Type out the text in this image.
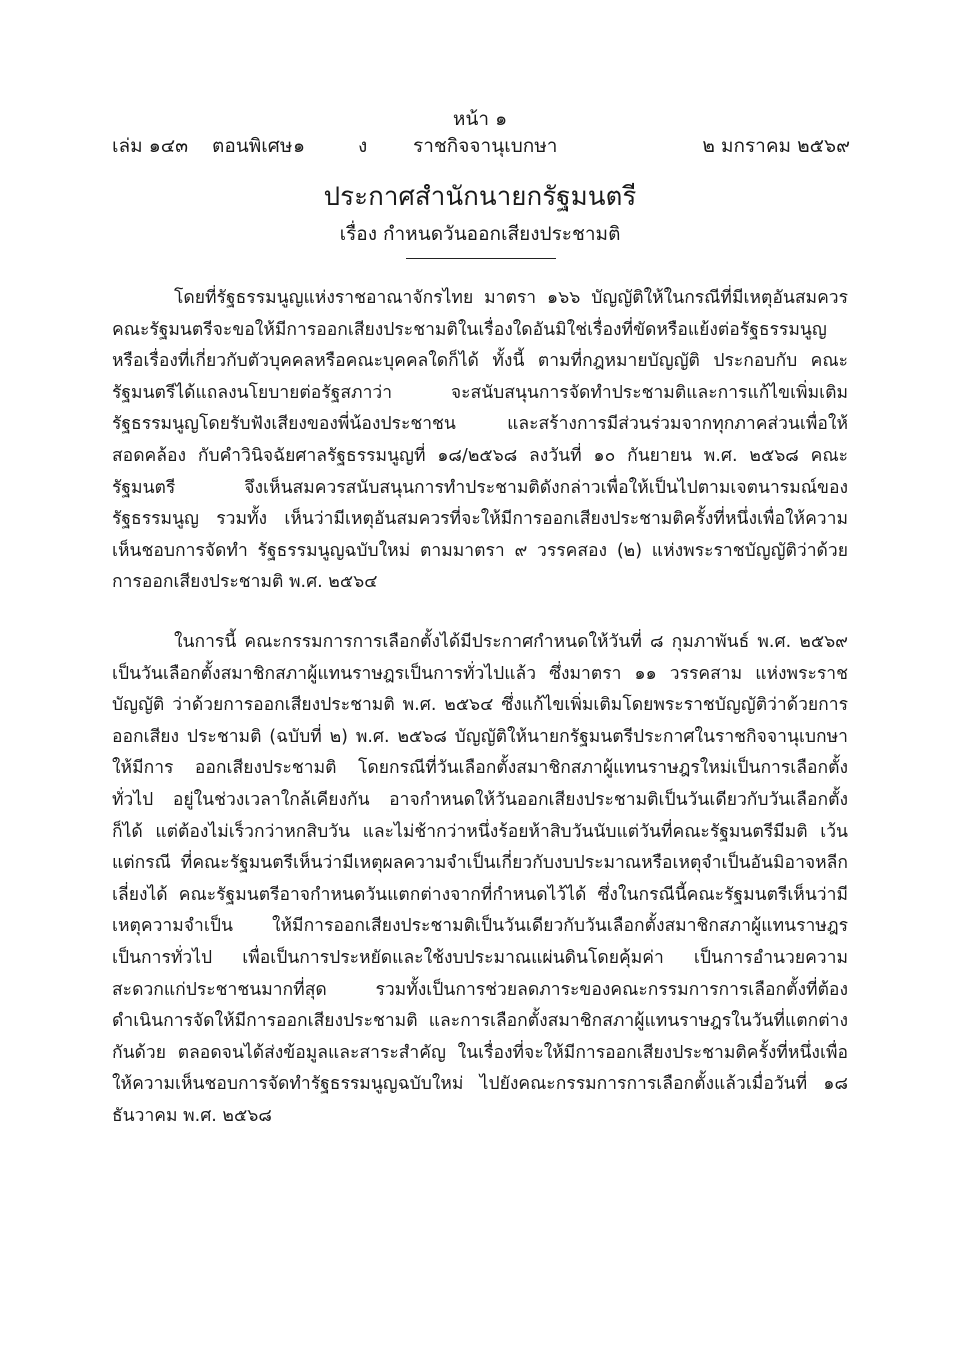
หน้า ๑
เล่ม ๑๔๓ ตอนพิเศษ ๑	ง ราชกิจจานุเบกษา	๒ มกราคม ๒๕๖๙
ประกาศสำนักนายกรัฐมนตรี
เรื่อง กำหนดวันออกเสียงประชามติ

โดยที่รัฐธรรมนูญแห่งราชอาณาจักรไทย มาตรา ๑๖๖ บัญญัติให้ในกรณีที่มีเหตุอันสมควร คณะรัฐมนตรีจะขอให้มีการออกเสียงประชามติในเรื่องใดอันมิใช่เรื่องที่ขัดหรือแย้งต่อรัฐธรรมนูญ หรือเรื่องที่เกี่ยวกับตัวบุคคลหรือคณะบุคคลใดก็ได้ ทั้งนี้ ตามที่กฎหมายบัญญัติ ประกอบกับ คณะรัฐมนตรีได้แถลงนโยบายต่อรัฐสภาว่า จะสนับสนุนการจัดทำประชามติและการแก้ไขเพิ่มเติม รัฐธรรมนูญโดยรับฟังเสียงของพี่น้องประชาชน และสร้างการมีส่วนร่วมจากทุกภาคส่วนเพื่อให้สอดคล้อง กับคำวินิจฉัยศาลรัฐธรรมนูญที่ ๑๘/๒๕๖๘ ลงวันที่ ๑๐ กันยายน พ.ศ. ๒๕๖๘ คณะรัฐมนตรี จึงเห็นสมควรสนับสนุนการทำประชามติดังกล่าวเพื่อให้เป็นไปตามเจตนารมณ์ของรัฐธรรมนูญ รวมทั้ง เห็นว่ามีเหตุอันสมควรที่จะให้มีการออกเสียงประชามติครั้งที่หนึ่งเพื่อให้ความเห็นชอบการจัดทำ รัฐธรรมนูญฉบับใหม่ ตามมาตรา ๙ วรรคสอง (๒) แห่งพระราชบัญญัติว่าด้วยการออกเสียงประชามติ พ.ศ. ๒๕๖๔

ในการนี้ คณะกรรมการการเลือกตั้งได้มีประกาศกำหนดให้วันที่ ๘ กุมภาพันธ์ พ.ศ. ๒๕๖๙ เป็นวันเลือกตั้งสมาชิกสภาผู้แทนราษฎรเป็นการทั่วไปแล้ว ซึ่งมาตรา ๑๑ วรรคสาม แห่งพระราชบัญญัติ ว่าด้วยการออกเสียงประชามติ พ.ศ. ๒๕๖๔ ซึ่งแก้ไขเพิ่มเติมโดยพระราชบัญญัติว่าด้วยการออกเสียง ประชามติ (ฉบับที่ ๒) พ.ศ. ๒๕๖๘ บัญญัติให้นายกรัฐมนตรีประกาศในราชกิจจานุเบกษาให้มีการ ออกเสียงประชามติ โดยกรณีที่วันเลือกตั้งสมาชิกสภาผู้แทนราษฎรใหม่เป็นการเลือกตั้งทั่วไป อยู่ในช่วงเวลาใกล้เคียงกัน อาจกำหนดให้วันออกเสียงประชามติเป็นวันเดียวกับวันเลือกตั้งก็ได้ แต่ต้องไม่เร็วกว่าหกสิบวัน และไม่ช้ากว่าหนึ่งร้อยห้าสิบวันนับแต่วันที่คณะรัฐมนตรีมีมติ เว้นแต่กรณี ที่คณะรัฐมนตรีเห็นว่ามีเหตุผลความจำเป็นเกี่ยวกับงบประมาณหรือเหตุจำเป็นอันมิอาจหลีกเลี่ยงได้ คณะรัฐมนตรีอาจกำหนดวันแตกต่างจากที่กำหนดไว้ได้ ซึ่งในกรณีนี้คณะรัฐมนตรีเห็นว่ามีเหตุความจำเป็น ให้มีการออกเสียงประชามติเป็นวันเดียวกับวันเลือกตั้งสมาชิกสภาผู้แทนราษฎรเป็นการทั่วไป เพื่อเป็นการประหยัดและใช้งบประมาณแผ่นดินโดยคุ้มค่า เป็นการอำนวยความสะดวกแก่ประชาชนมากที่สุด รวมทั้งเป็นการช่วยลดภาระของคณะกรรมการการเลือกตั้งที่ต้องดำเนินการจัดให้มีการออกเสียงประชามติ และการเลือกตั้งสมาชิกสภาผู้แทนราษฎรในวันที่แตกต่างกันด้วย ตลอดจนได้ส่งข้อมูลและสาระสำคัญ ในเรื่องที่จะให้มีการออกเสียงประชามติครั้งที่หนึ่งเพื่อให้ความเห็นชอบการจัดทำรัฐธรรมนูญฉบับใหม่ ไปยังคณะกรรมการการเลือกตั้งแล้วเมื่อวันที่ ๑๘ ธันวาคม พ.ศ. ๒๕๖๘
